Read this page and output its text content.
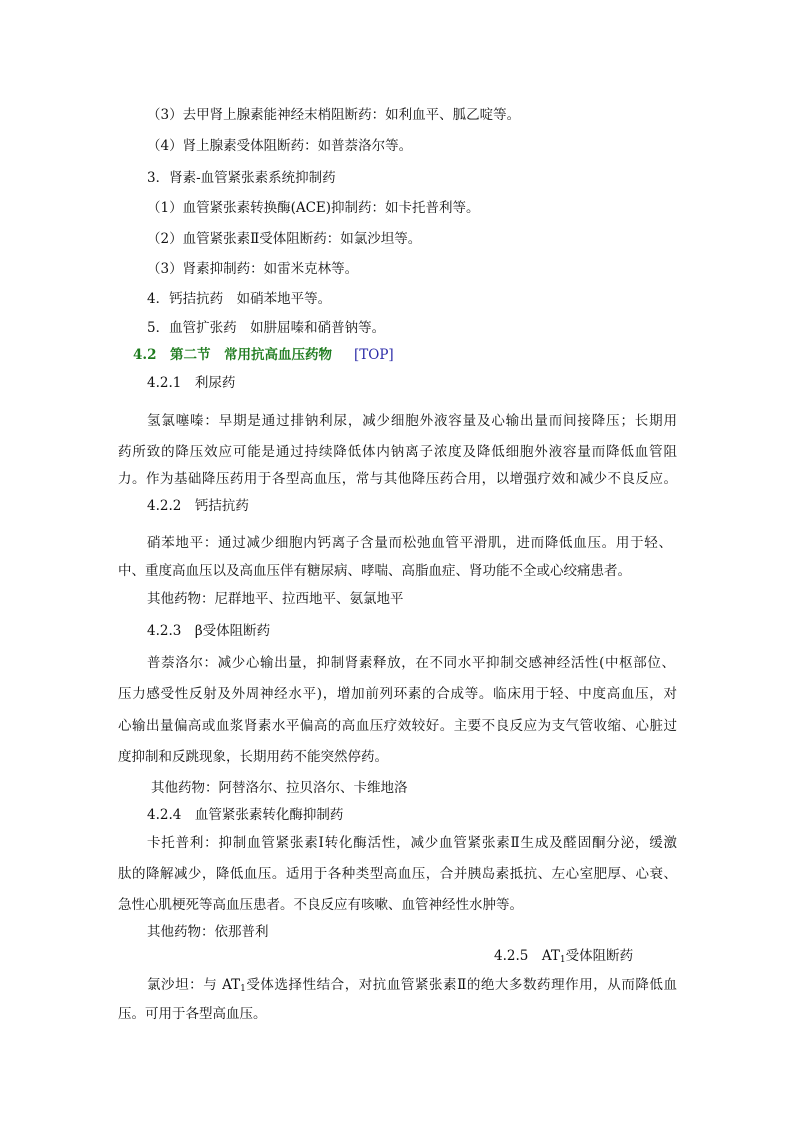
（3）去甲肾上腺素能神经末梢阻断药：如利血平、胍乙啶等。
（4）肾上腺素受体阻断药：如普萘洛尔等。
3．肾素-血管紧张素系统抑制药
（1）血管紧张素转换酶(ACE)抑制药：如卡托普利等。
（2）血管紧张素Ⅱ受体阻断药：如氯沙坦等。
（3）肾素抑制药：如雷米克林等。
4．钙拮抗药　如硝苯地平等。
5．血管扩张药　如肼屈嗪和硝普钠等。
4.2　第二节　常用抗高血压药物 [TOP]
4.2.1　利尿药
氢氯噻嗪：早期是通过排钠利尿，减少细胞外液容量及心输出量而间接降压；长期用
药所致的降压效应可能是通过持续降低体内钠离子浓度及降低细胞外液容量而降低血管阻
力。作为基础降压药用于各型高血压，常与其他降压药合用，以增强疗效和减少不良反应。
4.2.2　钙拮抗药
硝苯地平：通过减少细胞内钙离子含量而松弛血管平滑肌，进而降低血压。用于轻、
中、重度高血压以及高血压伴有糖尿病、哮喘、高脂血症、肾功能不全或心绞痛患者。
其他药物：尼群地平、拉西地平、氨氯地平
4.2.3　β受体阻断药
普萘洛尔：减少心输出量，抑制肾素释放，在不同水平抑制交感神经活性(中枢部位、
压力感受性反射及外周神经水平)，增加前列环素的合成等。临床用于轻、中度高血压，对
心输出量偏高或血浆肾素水平偏高的高血压疗效较好。主要不良反应为支气管收缩、心脏过
度抑制和反跳现象，长期用药不能突然停药。
其他药物：阿替洛尔、拉贝洛尔、卡维地洛
4.2.4　血管紧张素转化酶抑制药
卡托普利：抑制血管紧张素Ⅰ转化酶活性，减少血管紧张素Ⅱ生成及醛固酮分泌，缓激
肽的降解减少，降低血压。适用于各种类型高血压，合并胰岛素抵抗、左心室肥厚、心衰、
急性心肌梗死等高血压患者。不良反应有咳嗽、血管神经性水肿等。
其他药物：依那普利
4.2.5　$AT_1$受体阻断药
氯沙坦：与 $AT_1$受体选择性结合，对抗血管紧张素Ⅱ的绝大多数药理作用，从而降低血
压。可用于各型高血压。
